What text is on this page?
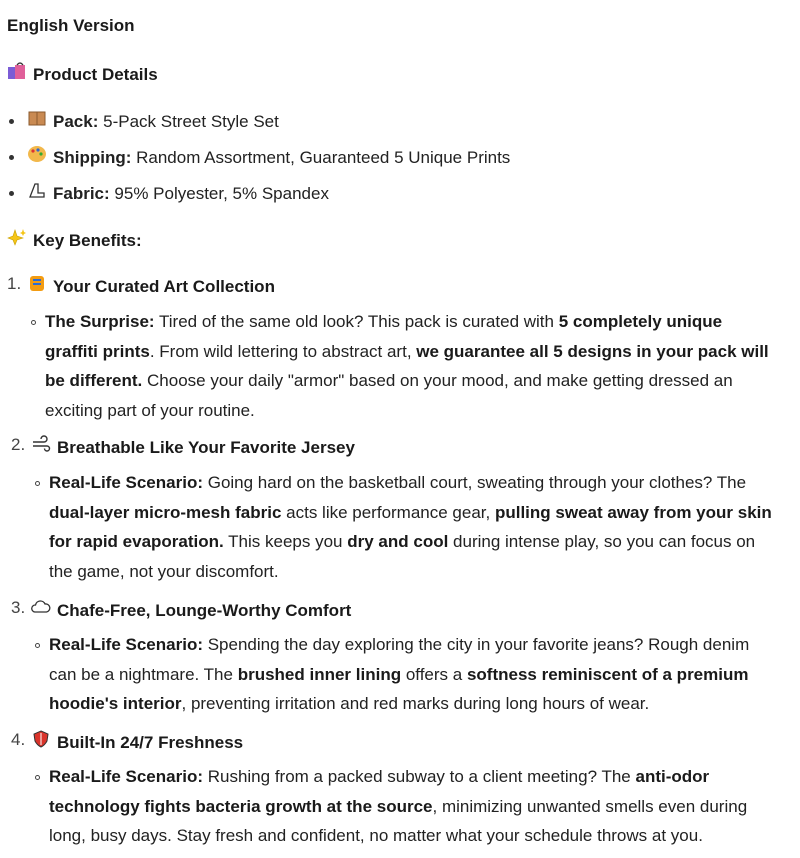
English Version
Product Details
Pack: 5-Pack Street Style Set
Shipping: Random Assortment, Guaranteed 5 Unique Prints
Fabric: 95% Polyester, 5% Spandex
Key Benefits:
1.	Your Curated Art Collection
The Surprise: Tired of the same old look? This pack is curated with 5 completely unique
graffiti prints. From wild lettering to abstract art, we guarantee all 5 designs in your pack will
be different. Choose your daily "armor" based on your mood, and make getting dressed an
exciting part of your routine.
2.	Breathable Like Your Favorite Jersey
Real-Life Scenario: Going hard on the basketball court, sweating through your clothes? The
dual-layer micro-mesh fabric acts like performance gear, pulling sweat away from your skin
for rapid evaporation. This keeps you dry and cool during intense play, so you can focus on
the game, not your discomfort.
3.	Chafe-Free, Lounge-Worthy Comfort
Real-Life Scenario: Spending the day exploring the city in your favorite jeans? Rough denim
can be a nightmare. The brushed inner lining offers a softness reminiscent of a premium
hoodie's interior, preventing irritation and red marks during long hours of wear.
4.	Built-In 24/7 Freshness
Real-Life Scenario: Rushing from a packed subway to a client meeting? The anti-odor
technology fights bacteria growth at the source, minimizing unwanted smells even during
long, busy days. Stay fresh and confident, no matter what your schedule throws at you.
